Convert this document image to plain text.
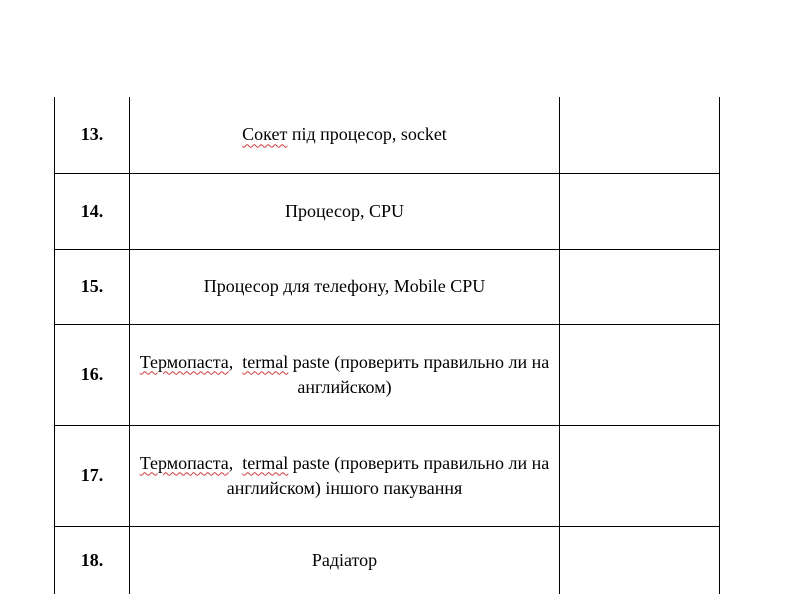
13.	Сокет під процесор, socket	
14.	Процесор, CPU	
15.	Процесор для телефону, Mobile CPU	
16.	Термопаста,  termal paste (проверить правильно ли на английском)	
17.	Термопаста,  termal paste (проверить правильно ли на английском) іншого пакування	
18.	Радіатор	
